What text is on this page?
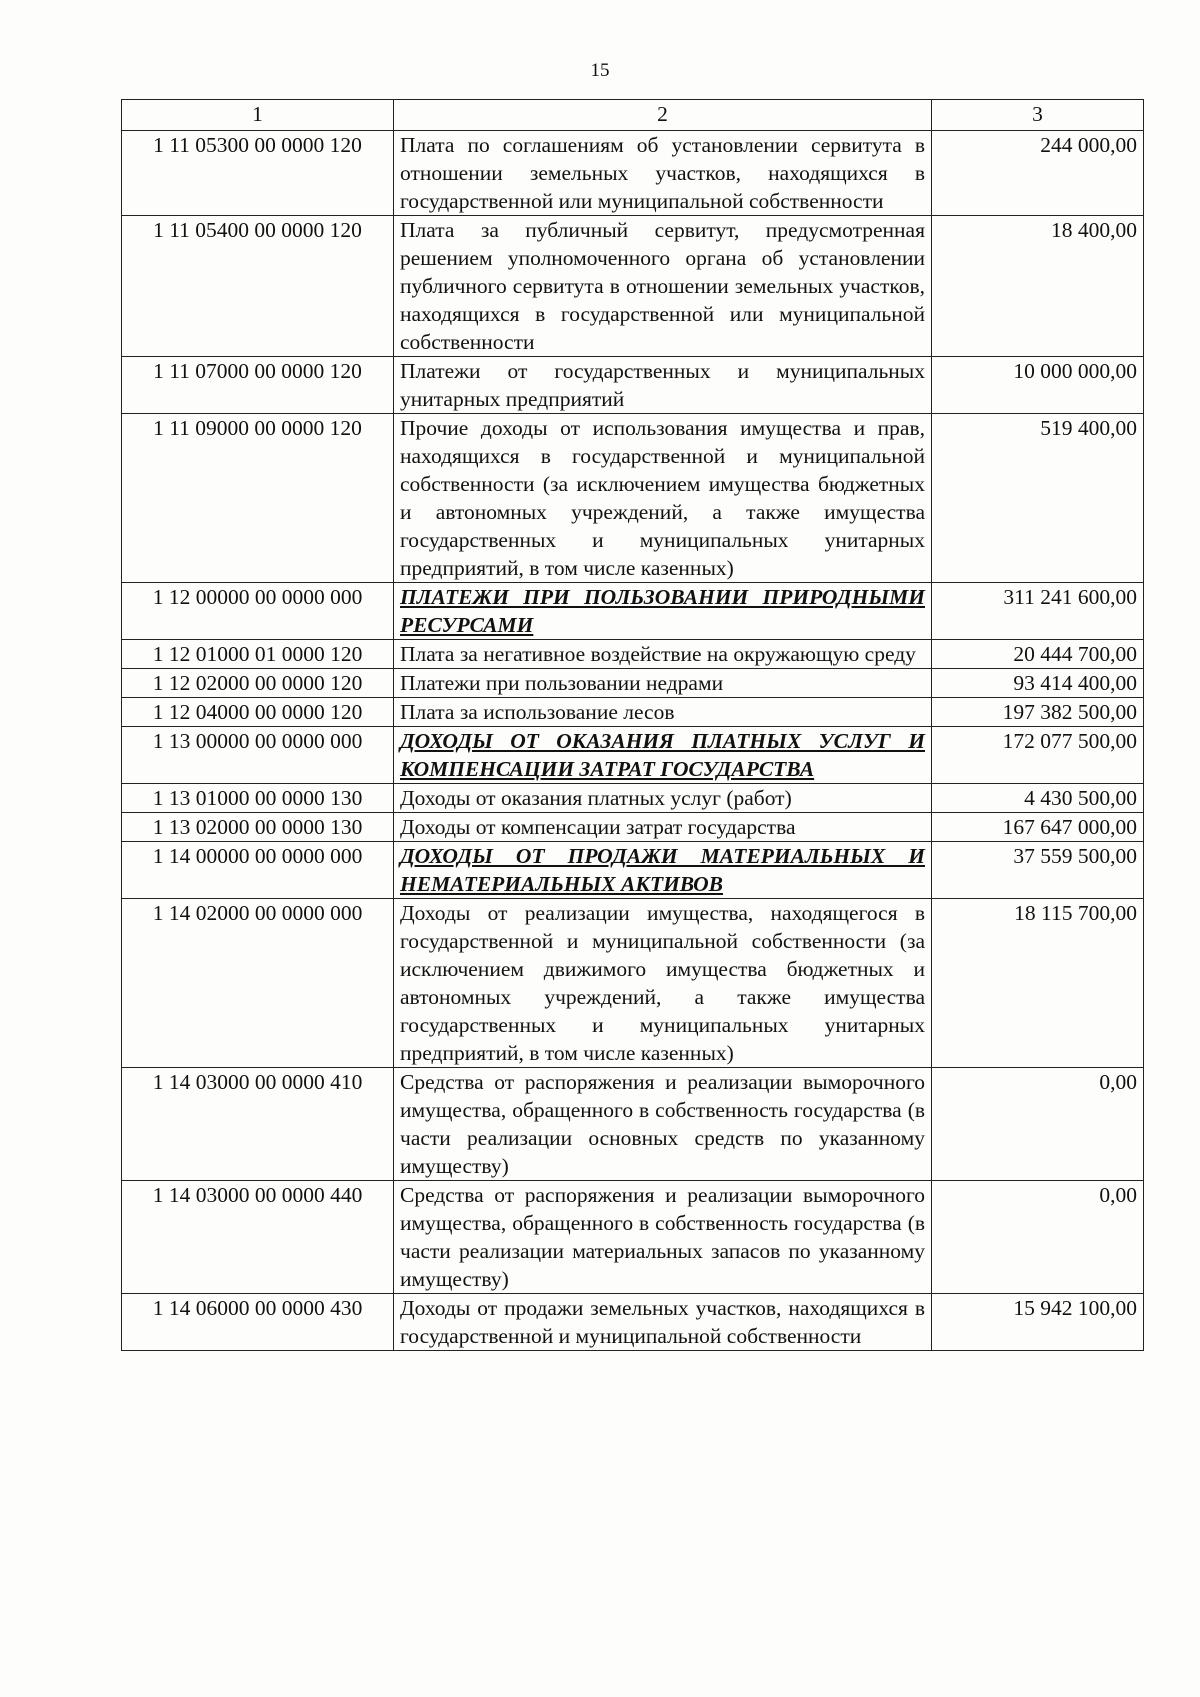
15
1	2	3
1 11 05300 00 0000 120	Плата по соглашениям об установлении сервитута в отношении земельных участков, находящихся в государственной или муниципальной собственности	244 000,00
1 11 05400 00 0000 120	Плата за публичный сервитут, предусмотренная решением уполномоченного органа об установлении публичного сервитута в отношении земельных участков, находящихся в государственной или муниципальной собственности	18 400,00
1 11 07000 00 0000 120	Платежи от государственных и муниципальных унитарных предприятий	10 000 000,00
1 11 09000 00 0000 120	Прочие доходы от использования имущества и прав, находящихся в государственной и муниципальной собственности (за исключением имущества бюджетных и автономных учреждений, а также имущества государственных и муниципальных унитарных предприятий, в том числе казенных)	519 400,00
1 12 00000 00 0000 000	ПЛАТЕЖИ ПРИ ПОЛЬЗОВАНИИ ПРИРОДНЫМИ РЕСУРСАМИ	311 241 600,00
1 12 01000 01 0000 120	Плата за негативное воздействие на окружающую среду	20 444 700,00
1 12 02000 00 0000 120	Платежи при пользовании недрами	93 414 400,00
1 12 04000 00 0000 120	Плата за использование лесов	197 382 500,00
1 13 00000 00 0000 000	ДОХОДЫ ОТ ОКАЗАНИЯ ПЛАТНЫХ УСЛУГ И КОМПЕНСАЦИИ ЗАТРАТ ГОСУДАРСТВА	172 077 500,00
1 13 01000 00 0000 130	Доходы от оказания платных услуг (работ)	4 430 500,00
1 13 02000 00 0000 130	Доходы от компенсации затрат государства	167 647 000,00
1 14 00000 00 0000 000	ДОХОДЫ ОТ ПРОДАЖИ МАТЕРИАЛЬНЫХ И НЕМАТЕРИАЛЬНЫХ АКТИВОВ	37 559 500,00
1 14 02000 00 0000 000	Доходы от реализации имущества, находящегося в государственной и муниципальной собственности (за исключением движимого имущества бюджетных и автономных учреждений, а также имущества государственных и муниципальных унитарных предприятий, в том числе казенных)	18 115 700,00
1 14 03000 00 0000 410	Средства от распоряжения и реализации выморочного имущества, обращенного в собственность государства (в части реализации основных средств по указанному имуществу)	0,00
1 14 03000 00 0000 440	Средства от распоряжения и реализации выморочного имущества, обращенного в собственность государства (в части реализации материальных запасов по указанному имуществу)	0,00
1 14 06000 00 0000 430	Доходы от продажи земельных участков, находящихся в государственной и муниципальной собственности	15 942 100,00
